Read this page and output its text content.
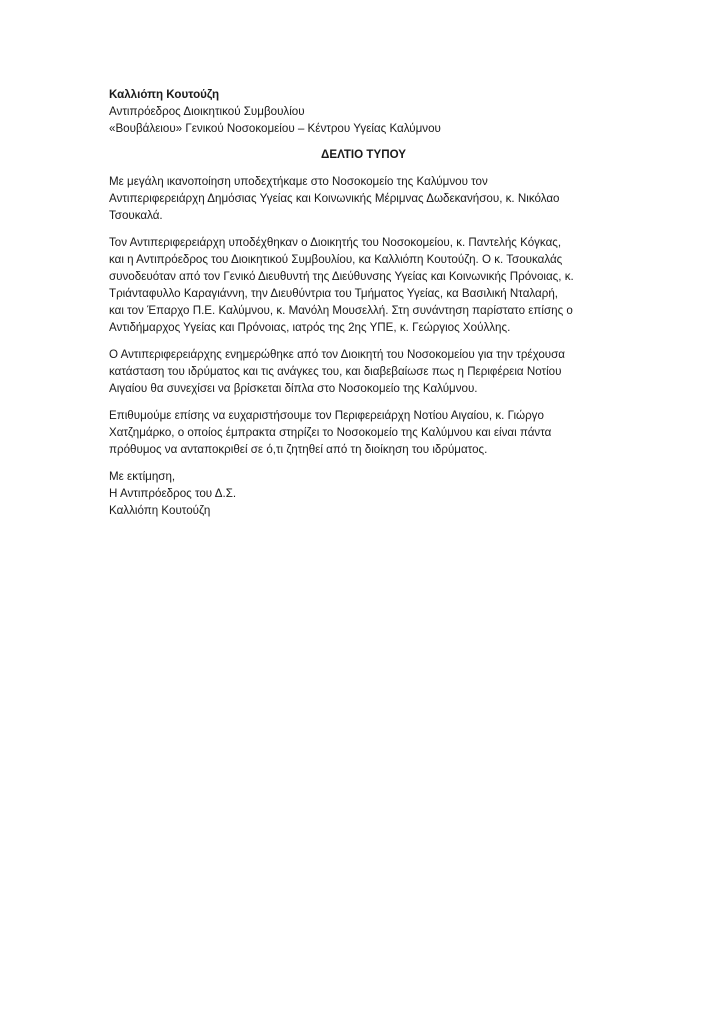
Καλλιόπη Κουτούζη
Αντιπρόεδρος Διοικητικού Συμβουλίου
«Βουβάλειου» Γενικού Νοσοκομείου – Κέντρου Υγείας Καλύμνου
ΔΕΛΤΙΟ ΤΥΠΟΥ
Με μεγάλη ικανοποίηση υποδεχτήκαμε στο Νοσοκομείο της Καλύμνου τον
Αντιπεριφερειάρχη Δημόσιας Υγείας και Κοινωνικής Μέριμνας Δωδεκανήσου, κ. Νικόλαο
Τσουκαλά.
Τον Αντιπεριφερειάρχη υποδέχθηκαν ο Διοικητής του Νοσοκομείου, κ. Παντελής Κόγκας,
και η Αντιπρόεδρος του Διοικητικού Συμβουλίου, κα Καλλιόπη Κουτούζη. Ο κ. Τσουκαλάς
συνοδευόταν από τον Γενικό Διευθυντή της Διεύθυνσης Υγείας και Κοινωνικής Πρόνοιας, κ.
Τριάνταφυλλο Καραγιάννη, την Διευθύντρια του Τμήματος Υγείας, κα Βασιλική Νταλαρή,
και τον Έπαρχο Π.Ε. Καλύμνου, κ. Μανόλη Μουσελλή. Στη συνάντηση παρίστατο επίσης ο
Αντιδήμαρχος Υγείας και Πρόνοιας, ιατρός της 2ης ΥΠΕ, κ. Γεώργιος Χούλλης.
Ο Αντιπεριφερειάρχης ενημερώθηκε από τον Διοικητή του Νοσοκομείου για την τρέχουσα
κατάσταση του ιδρύματος και τις ανάγκες του, και διαβεβαίωσε πως η Περιφέρεια Νοτίου
Αιγαίου θα συνεχίσει να βρίσκεται δίπλα στο Νοσοκομείο της Καλύμνου.
Επιθυμούμε επίσης να ευχαριστήσουμε τον Περιφερειάρχη Νοτίου Αιγαίου, κ. Γιώργο
Χατζημάρκο, ο οποίος έμπρακτα στηρίζει το Νοσοκομείο της Καλύμνου και είναι πάντα
πρόθυμος να ανταποκριθεί σε ό,τι ζητηθεί από τη διοίκηση του ιδρύματος.
Με εκτίμηση,
Η Αντιπρόεδρος του Δ.Σ.
Καλλιόπη Κουτούζη
